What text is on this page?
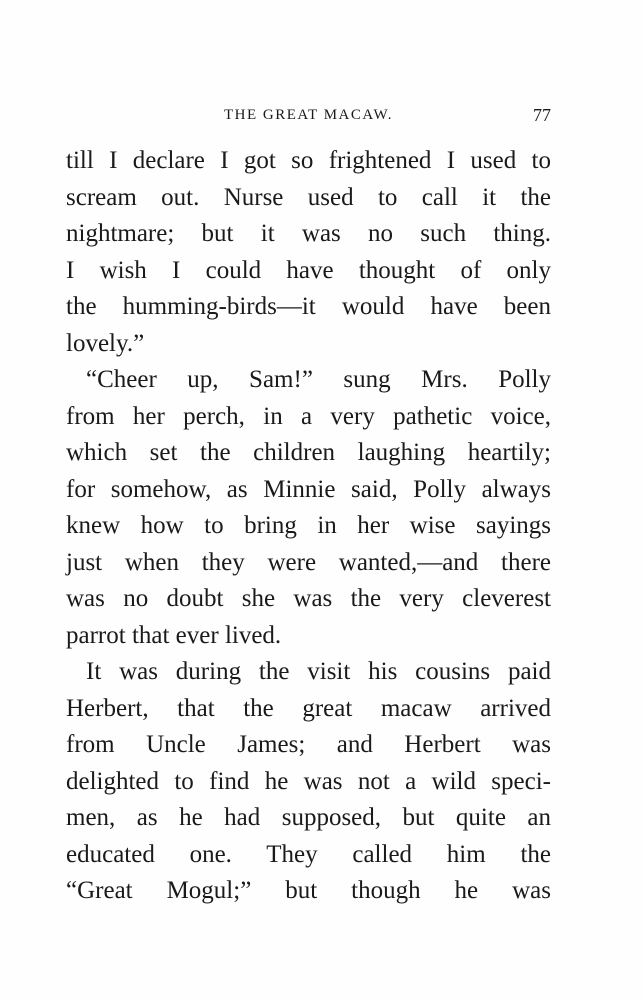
THE GREAT MACAW.	77
till I declare I got so frightened I used to
scream out. Nurse used to call it the
nightmare; but it was no such thing.
I wish I could have thought of only
the humming-birds—it would have been
lovely.”
“Cheer up, Sam!” sung Mrs. Polly
from her perch, in a very pathetic voice,
which set the children laughing heartily;
for somehow, as Minnie said, Polly always
knew how to bring in her wise sayings
just when they were wanted,—and there
was no doubt she was the very cleverest
parrot that ever lived.
It was during the visit his cousins paid
Herbert, that the great macaw arrived
from Uncle James; and Herbert was
delighted to find he was not a wild speci-
men, as he had supposed, but quite an
educated one. They called him the
“Great Mogul;” but though he was
